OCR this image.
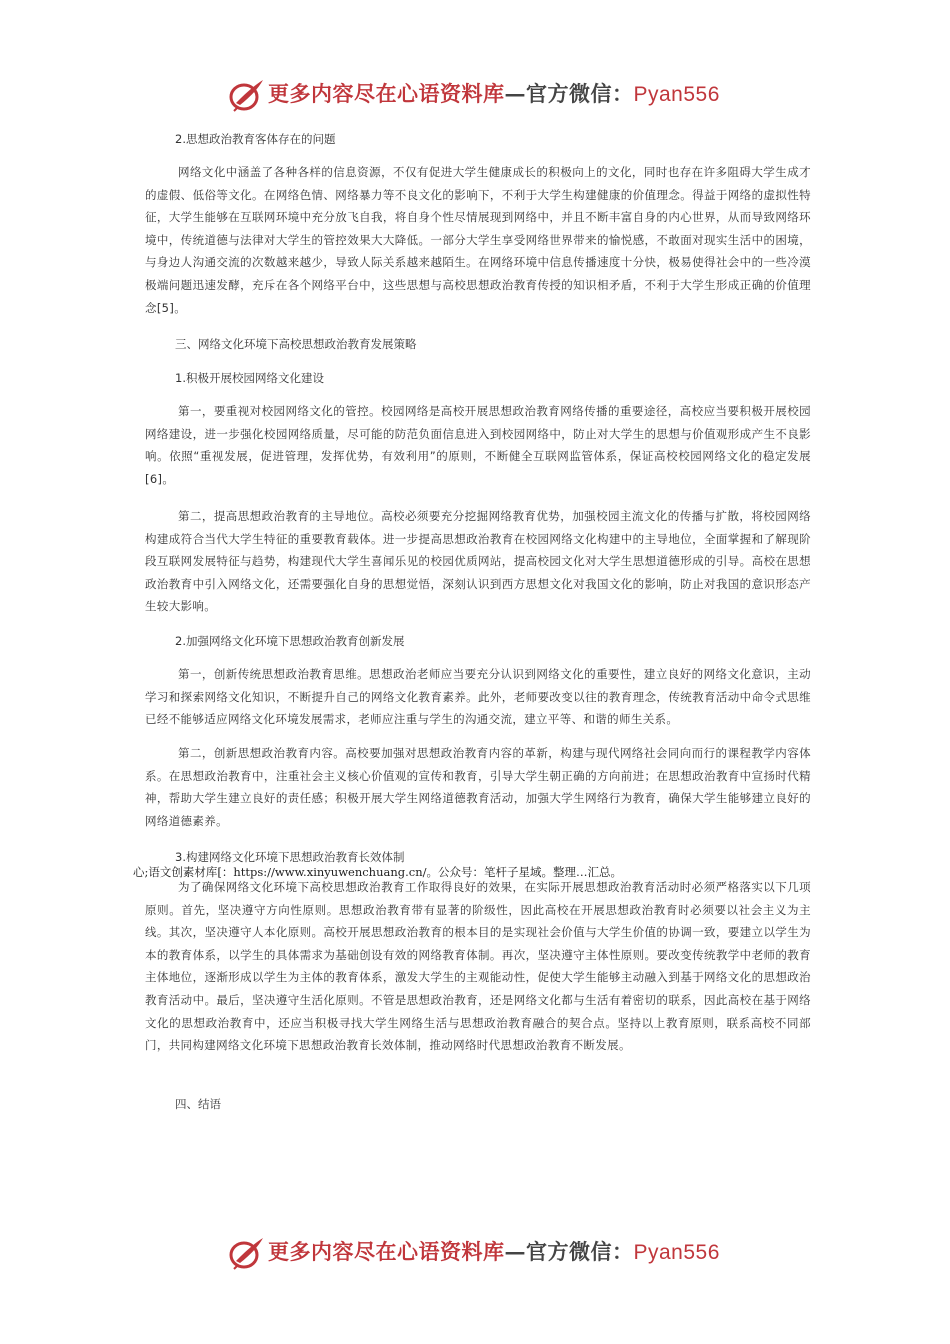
更多内容尽在心语资料库—官方微信：Pyan556
2.思想政治教育客体存在的问题
网络文化中涵盖了各种各样的信息资源，不仅有促进大学生健康成长的积极向上的文化，同时也存在许多阻碍大学生成才的虚假、低俗等文化。在网络色情、网络暴力等不良文化的影响下，不利于大学生构建健康的价值理念。得益于网络的虚拟性特征，大学生能够在互联网环境中充分放飞自我，将自身个性尽情展现到网络中，并且不断丰富自身的内心世界，从而导致网络环境中，传统道德与法律对大学生的管控效果大大降低。一部分大学生享受网络世界带来的愉悦感，不敢面对现实生活中的困境，与身边人沟通交流的次数越来越少，导致人际关系越来越陌生。在网络环境中信息传播速度十分快，极易使得社会中的一些冷漠极端问题迅速发酵，充斥在各个网络平台中，这些思想与高校思想政治教育传授的知识相矛盾，不利于大学生形成正确的价值理念[5]。
三、网络文化环境下高校思想政治教育发展策略
1.积极开展校园网络文化建设
第一，要重视对校园网络文化的管控。校园网络是高校开展思想政治教育网络传播的重要途径，高校应当要积极开展校园网络建设，进一步强化校园网络质量，尽可能的防范负面信息进入到校园网络中，防止对大学生的思想与价值观形成产生不良影响。依照“重视发展，促进管理，发挥优势，有效利用”的原则，不断健全互联网监管体系，保证高校校园网络文化的稳定发展[6]。
第二，提高思想政治教育的主导地位。高校必须要充分挖掘网络教育优势，加强校园主流文化的传播与扩散，将校园网络构建成符合当代大学生特征的重要教育载体。进一步提高思想政治教育在校园网络文化构建中的主导地位，全面掌握和了解现阶段互联网发展特征与趋势，构建现代大学生喜闻乐见的校园优质网站，提高校园文化对大学生思想道德形成的引导。高校在思想政治教育中引入网络文化，还需要强化自身的思想觉悟，深刻认识到西方思想文化对我国文化的影响，防止对我国的意识形态产生较大影响。
2.加强网络文化环境下思想政治教育创新发展
第一，创新传统思想政治教育思维。思想政治老师应当要充分认识到网络文化的重要性，建立良好的网络文化意识，主动学习和探索网络文化知识，不断提升自己的网络文化教育素养。此外，老师要改变以往的教育理念，传统教育活动中命令式思维已经不能够适应网络文化环境发展需求，老师应注重与学生的沟通交流，建立平等、和谐的师生关系。
第二，创新思想政治教育内容。高校要加强对思想政治教育内容的革新，构建与现代网络社会同向而行的课程教学内容体系。在思想政治教育中，注重社会主义核心价值观的宣传和教育，引导大学生朝正确的方向前进；在思想政治教育中宣扬时代精神，帮助大学生建立良好的责任感；积极开展大学生网络道德教育活动，加强大学生网络行为教育，确保大学生能够建立良好的网络道德素养。
3.构建网络文化环境下思想政治教育长效体制
心;语文创素材库[：https://www.xinyuwenchuang.cn/。公众号：笔杆子星域。整理…汇总。
为了确保网络文化环境下高校思想政治教育工作取得良好的效果，在实际开展思想政治教育活动时必须严格落实以下几项原则。首先，坚决遵守方向性原则。思想政治教育带有显著的阶级性，因此高校在开展思想政治教育时必须要以社会主义为主线。其次，坚决遵守人本化原则。高校开展思想政治教育的根本目的是实现社会价值与大学生价值的协调一致，要建立以学生为本的教育体系，以学生的具体需求为基础创设有效的网络教育体制。再次，坚决遵守主体性原则。要改变传统教学中老师的教育主体地位，逐渐形成以学生为主体的教育体系，激发大学生的主观能动性，促使大学生能够主动融入到基于网络文化的思想政治教育活动中。最后，坚决遵守生活化原则。不管是思想政治教育，还是网络文化都与生活有着密切的联系，因此高校在基于网络文化的思想政治教育中，还应当积极寻找大学生网络生活与思想政治教育融合的契合点。坚持以上教育原则，联系高校不同部门，共同构建网络文化环境下思想政治教育长效体制，推动网络时代思想政治教育不断发展。
四、结语
更多内容尽在心语资料库—官方微信：Pyan556
